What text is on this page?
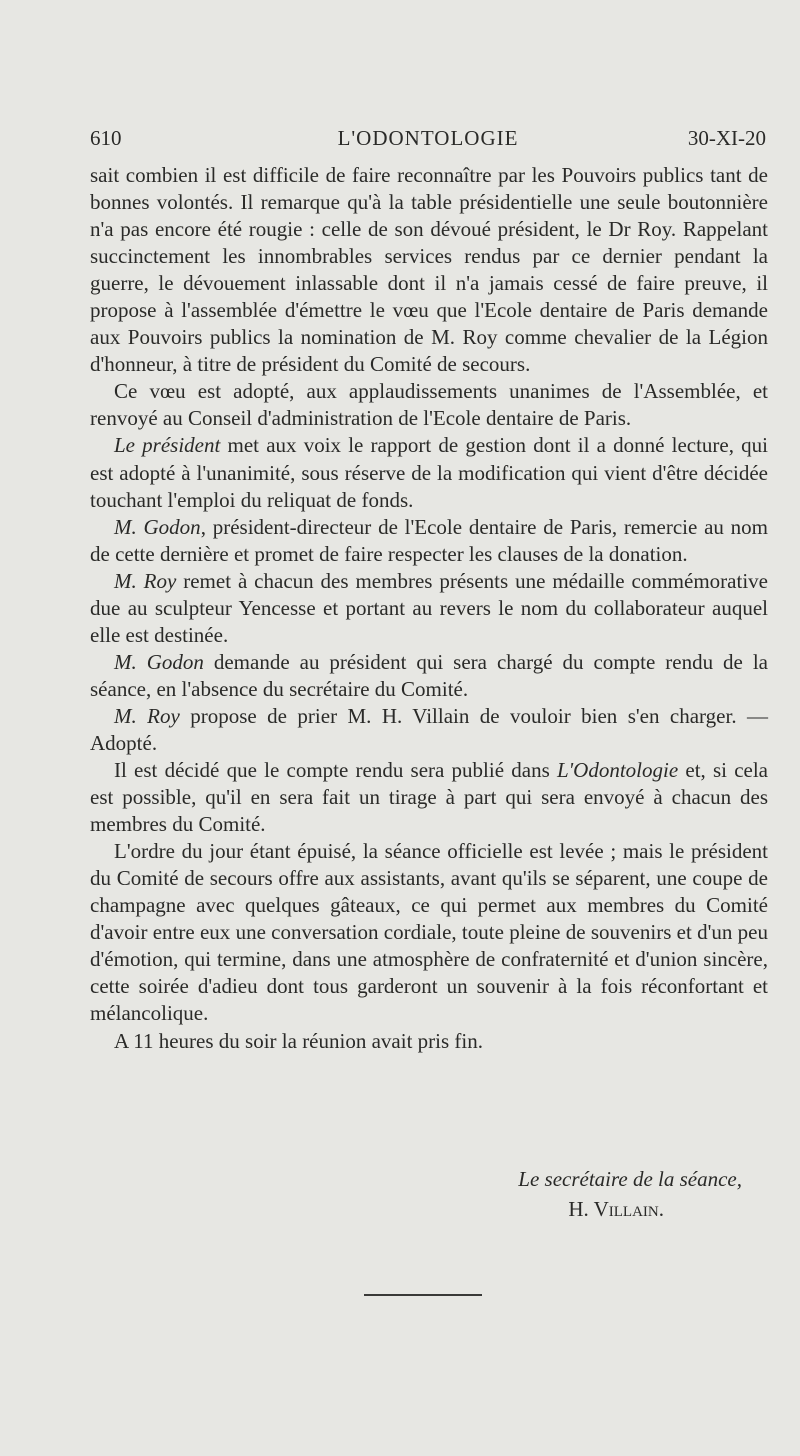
610	L'ODONTOLOGIE	30-XI-20

sait combien il est difficile de faire reconnaître par les Pouvoirs publics tant de bonnes volontés. Il remarque qu'à la table présidentielle une seule boutonnière n'a pas encore été rougie : celle de son dévoué président, le Dr Roy. Rappelant succinctement les innombrables services rendus par ce dernier pendant la guerre, le dévouement inlassable dont il n'a jamais cessé de faire preuve, il propose à l'assemblée d'émettre le vœu que l'Ecole dentaire de Paris demande aux Pouvoirs publics la nomination de M. Roy comme chevalier de la Légion d'honneur, à titre de président du Comité de secours.

Ce vœu est adopté, aux applaudissements unanimes de l'Assemblée, et renvoyé au Conseil d'administration de l'Ecole dentaire de Paris.

Le président met aux voix le rapport de gestion dont il a donné lecture, qui est adopté à l'unanimité, sous réserve de la modification qui vient d'être décidée touchant l'emploi du reliquat de fonds.

M. Godon, président-directeur de l'Ecole dentaire de Paris, remercie au nom de cette dernière et promet de faire respecter les clauses de la donation.

M. Roy remet à chacun des membres présents une médaille commémorative due au sculpteur Yencesse et portant au revers le nom du collaborateur auquel elle est destinée.

M. Godon demande au président qui sera chargé du compte rendu de la séance, en l'absence du secrétaire du Comité.

M. Roy propose de prier M. H. Villain de vouloir bien s'en charger. — Adopté.

Il est décidé que le compte rendu sera publié dans L'Odontologie et, si cela est possible, qu'il en sera fait un tirage à part qui sera envoyé à chacun des membres du Comité.

L'ordre du jour étant épuisé, la séance officielle est levée ; mais le président du Comité de secours offre aux assistants, avant qu'ils se séparent, une coupe de champagne avec quelques gâteaux, ce qui permet aux membres du Comité d'avoir entre eux une conversation cordiale, toute pleine de souvenirs et d'un peu d'émotion, qui termine, dans une atmosphère de confraternité et d'union sincère, cette soirée d'adieu dont tous garderont un souvenir à la fois réconfortant et mélancolique.

A 11 heures du soir la réunion avait pris fin.

Le secrétaire de la séance,
H. Villain.
